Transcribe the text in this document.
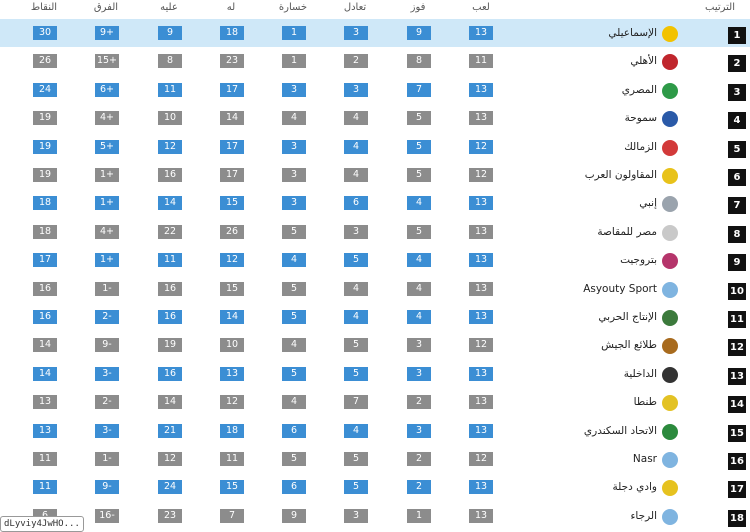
الترتيب
لعب
فوز
تعادل
خسارة
له
عليه
الفرق
النقاط
1
الإسماعيلي
13
9
3
1
18
9
9+
30
2
الأهلي
11
8
2
1
23
8
15+
26
3
المصري
13
7
3
3
17
11
6+
24
4
سموحة
13
5
4
4
14
10
4+
19
5
الزمالك
12
5
4
3
17
12
5+
19
6
المقاولون العرب
12
5
4
3
17
16
1+
19
7
إنبي
13
4
6
3
15
14
1+
18
8
مصر للمقاصة
13
5
3
5
26
22
4+
18
9
بتروجيت
13
4
5
4
12
11
1+
17
10
Asyouty Sport
13
4
4
5
15
16
1-
16
11
الإنتاج الحربي
13
4
4
5
14
16
2-
16
12
طلائع الجيش
12
3
5
4
10
19
9-
14
13
الداخلية
13
3
5
5
13
16
3-
14
14
طنطا
13
2
7
4
12
14
2-
13
15
الاتحاد السكندري
13
3
4
6
18
21
3-
13
16
Nasr
12
2
5
5
11
12
1-
11
17
وادي دجلة
13
2
5
6
15
24
9-
11
18
الرجاء
13
1
3
9
7
23
16-
dLyviy4JwHO...
